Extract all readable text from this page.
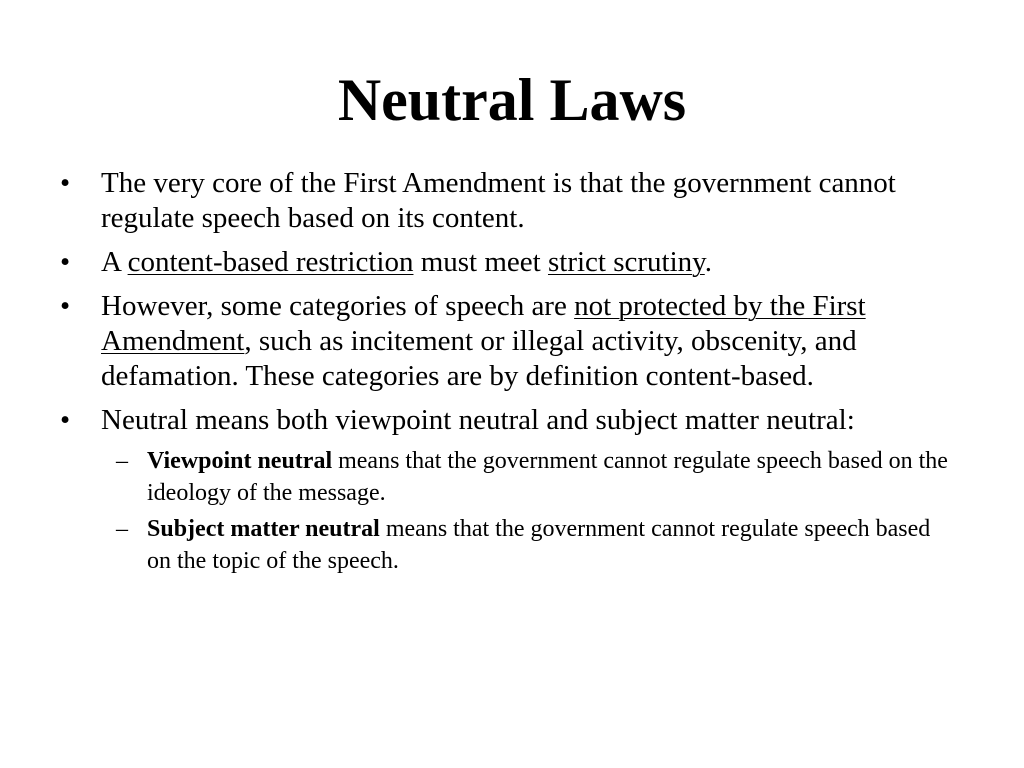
Neutral Laws
•	The very core of the First Amendment is that the government cannot regulate speech based on its content.
•	A content-based restriction must meet strict scrutiny.
•	However, some categories of speech are not protected by the First Amendment, such as incitement or illegal activity, obscenity, and defamation. These categories are by definition content-based.
•	Neutral means both viewpoint neutral and subject matter neutral:
– Viewpoint neutral means that the government cannot regulate speech based on the ideology of the message.
– Subject matter neutral means that the government cannot regulate speech based on the topic of the speech.
